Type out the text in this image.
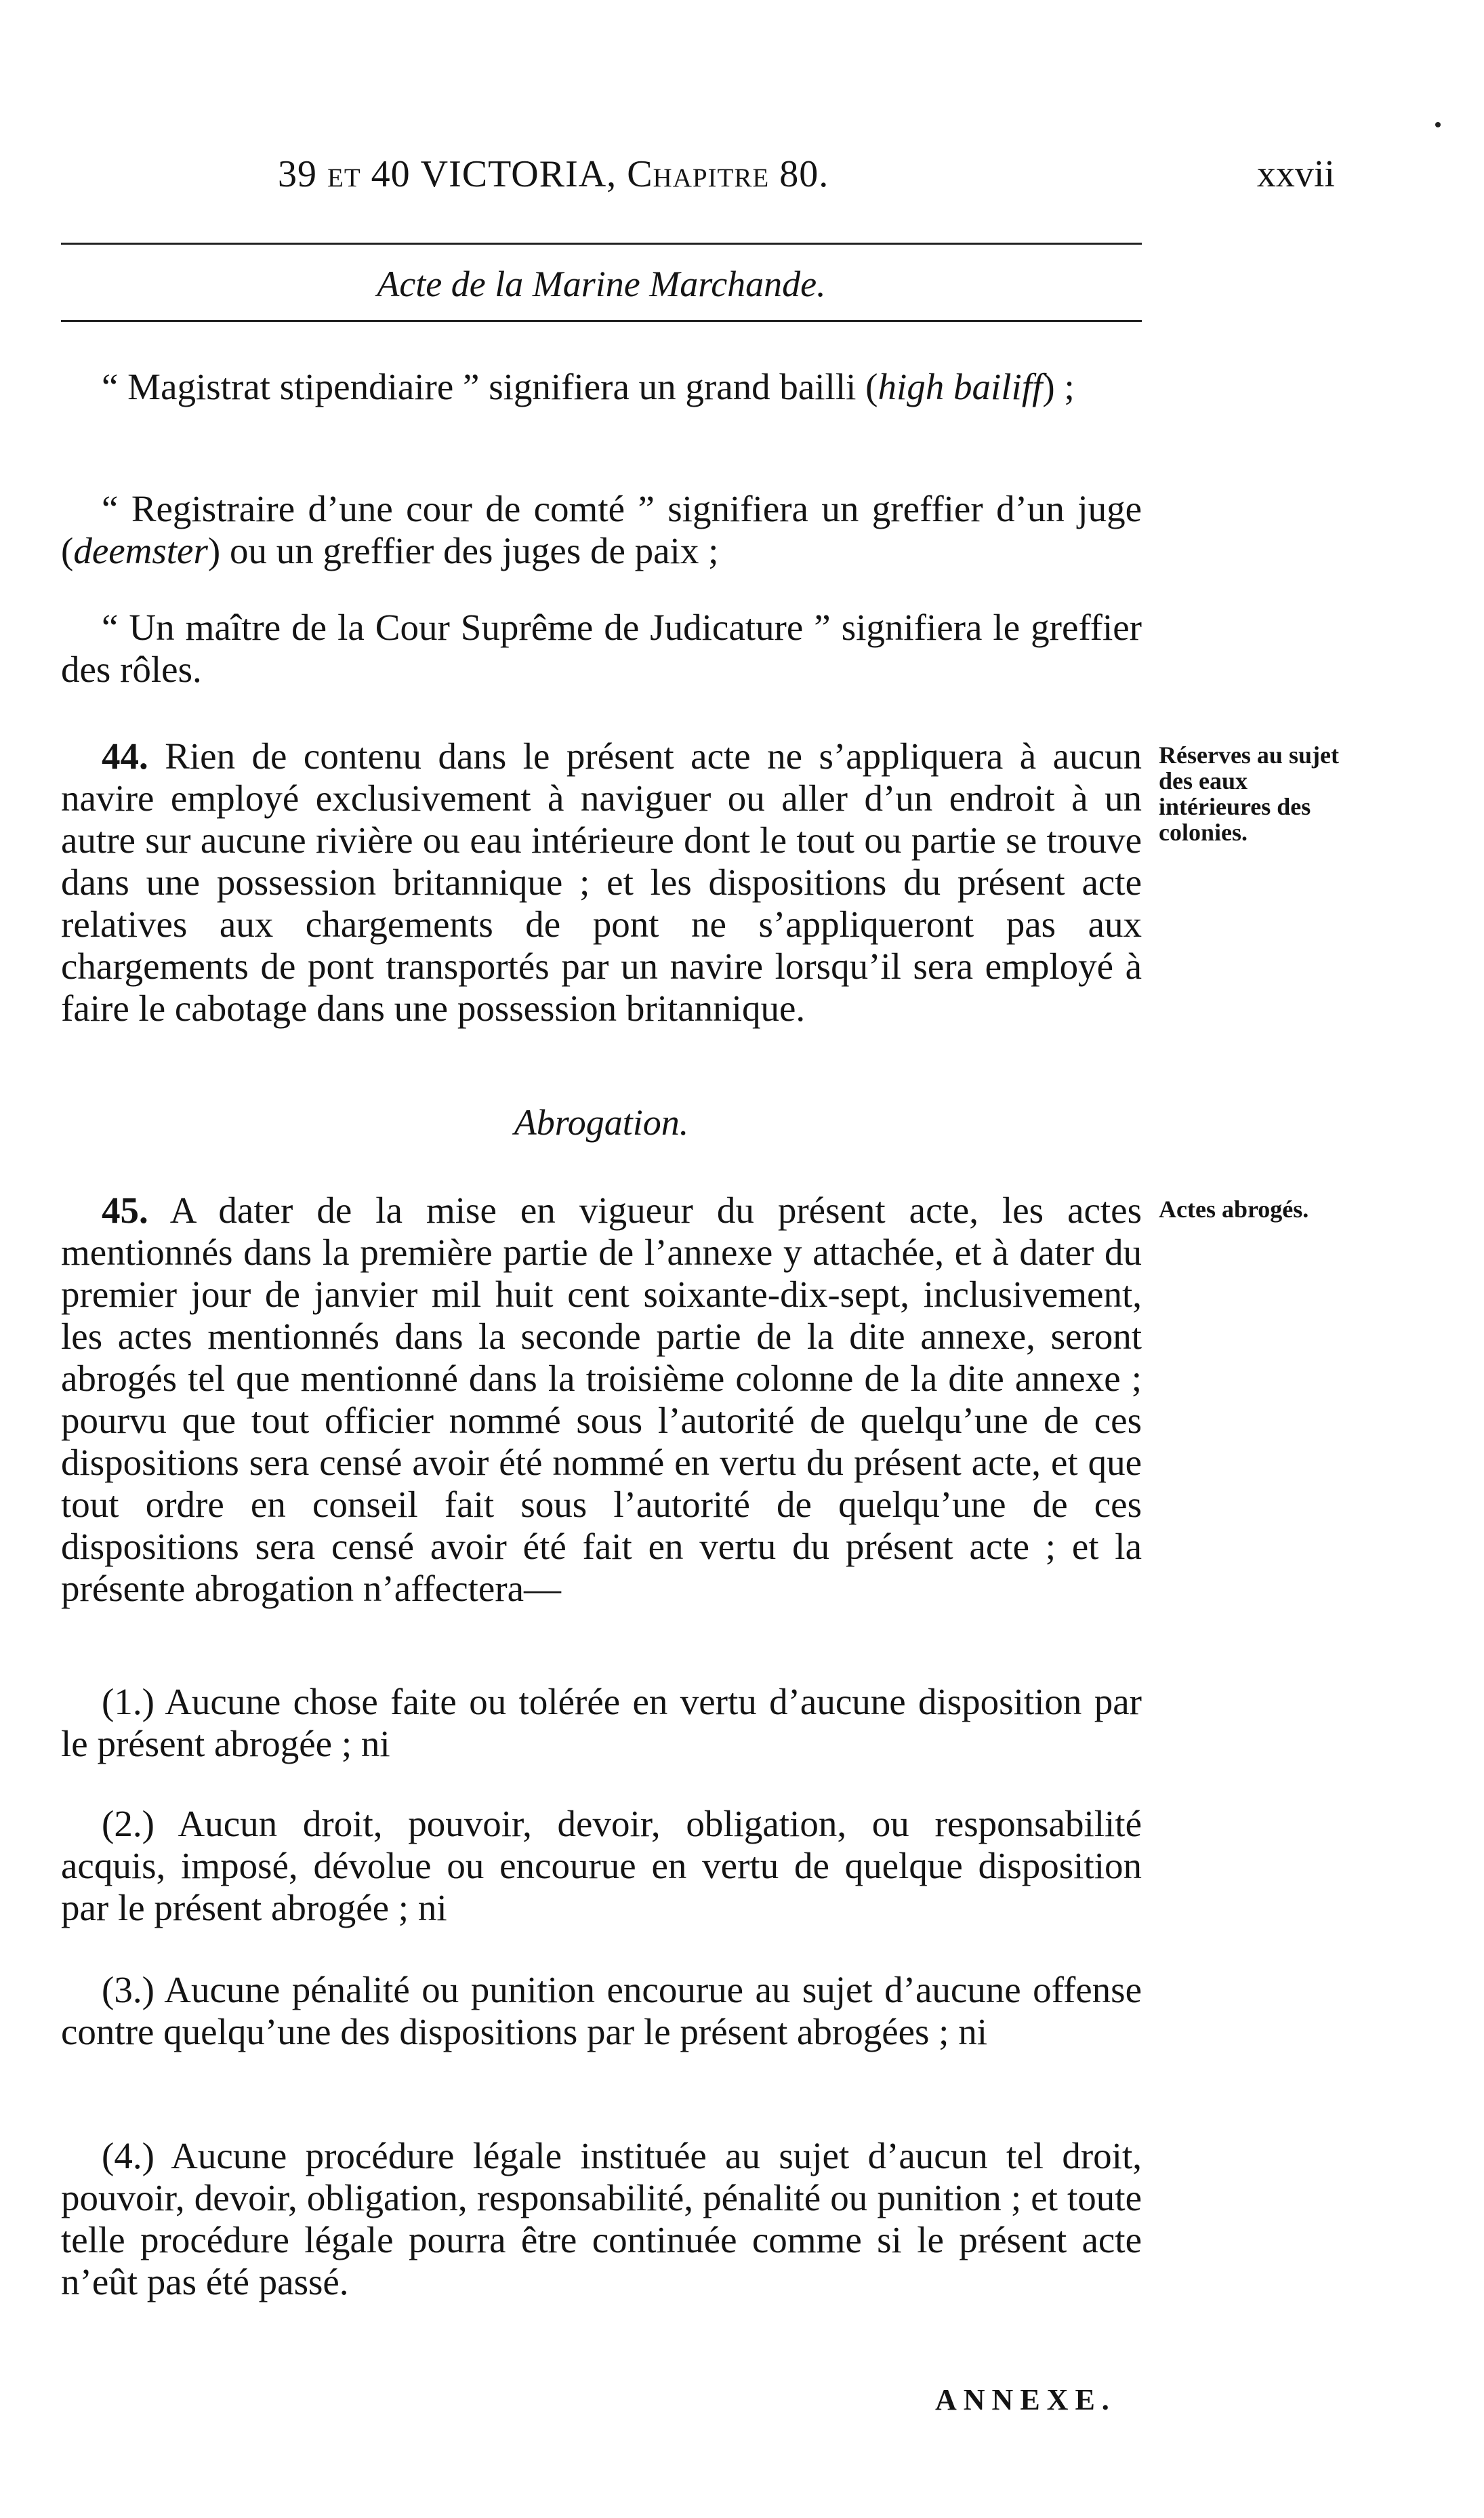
39 et 40 VICTORIA, Chapitre 80.	xxvii
Acte de la Marine Marchande.

“ Magistrat stipendiaire ” signifiera un grand bailli (high bailiff) ;

“ Registraire d’une cour de comté ” signifiera un greffier d’un juge (deemster) ou un greffier des juges de paix ;

“ Un maître de la Cour Suprême de Judicature ” signifiera le greffier des rôles.

44. Rien de contenu dans le présent acte ne s’appliquera à aucun navire employé exclusivement à naviguer ou aller d’un endroit à un autre sur aucune rivière ou eau intérieure dont le tout ou partie se trouve dans une possession britannique ; et les dispositions du présent acte relatives aux chargements de pont ne s’appliqueront pas aux chargements de pont transportés par un navire lorsqu’il sera employé à faire le cabotage dans une possession britannique.

Réserves au sujet des eaux intérieures des colonies.
Abrogation.

45. A dater de la mise en vigueur du présent acte, les actes mentionnés dans la première partie de l’annexe y attachée, et à dater du premier jour de janvier mil huit cent soixante-dix-sept, inclusivement, les actes mentionnés dans la seconde partie de la dite annexe, seront abrogés tel que mentionné dans la troisième colonne de la dite annexe ; pourvu que tout officier nommé sous l’autorité de quelqu’une de ces dispositions sera censé avoir été nommé en vertu du présent acte, et que tout ordre en conseil fait sous l’autorité de quelqu’une de ces dispositions sera censé avoir été fait en vertu du présent acte ; et la présente abrogation n’affectera—

Actes abrogés.

(1.) Aucune chose faite ou tolérée en vertu d’aucune disposition par le présent abrogée ; ni

(2.) Aucun droit, pouvoir, devoir, obligation, ou responsabilité acquis, imposé, dévolue ou encourue en vertu de quelque disposition par le présent abrogée ; ni

(3.) Aucune pénalité ou punition encourue au sujet d’aucune offense contre quelqu’une des dispositions par le présent abrogées ; ni

(4.) Aucune procédure légale instituée au sujet d’aucun tel droit, pouvoir, devoir, obligation, responsabilité, pénalité ou punition ; et toute telle procédure légale pourra être continuée comme si le présent acte n’eût pas été passé.

ANNEXE.
